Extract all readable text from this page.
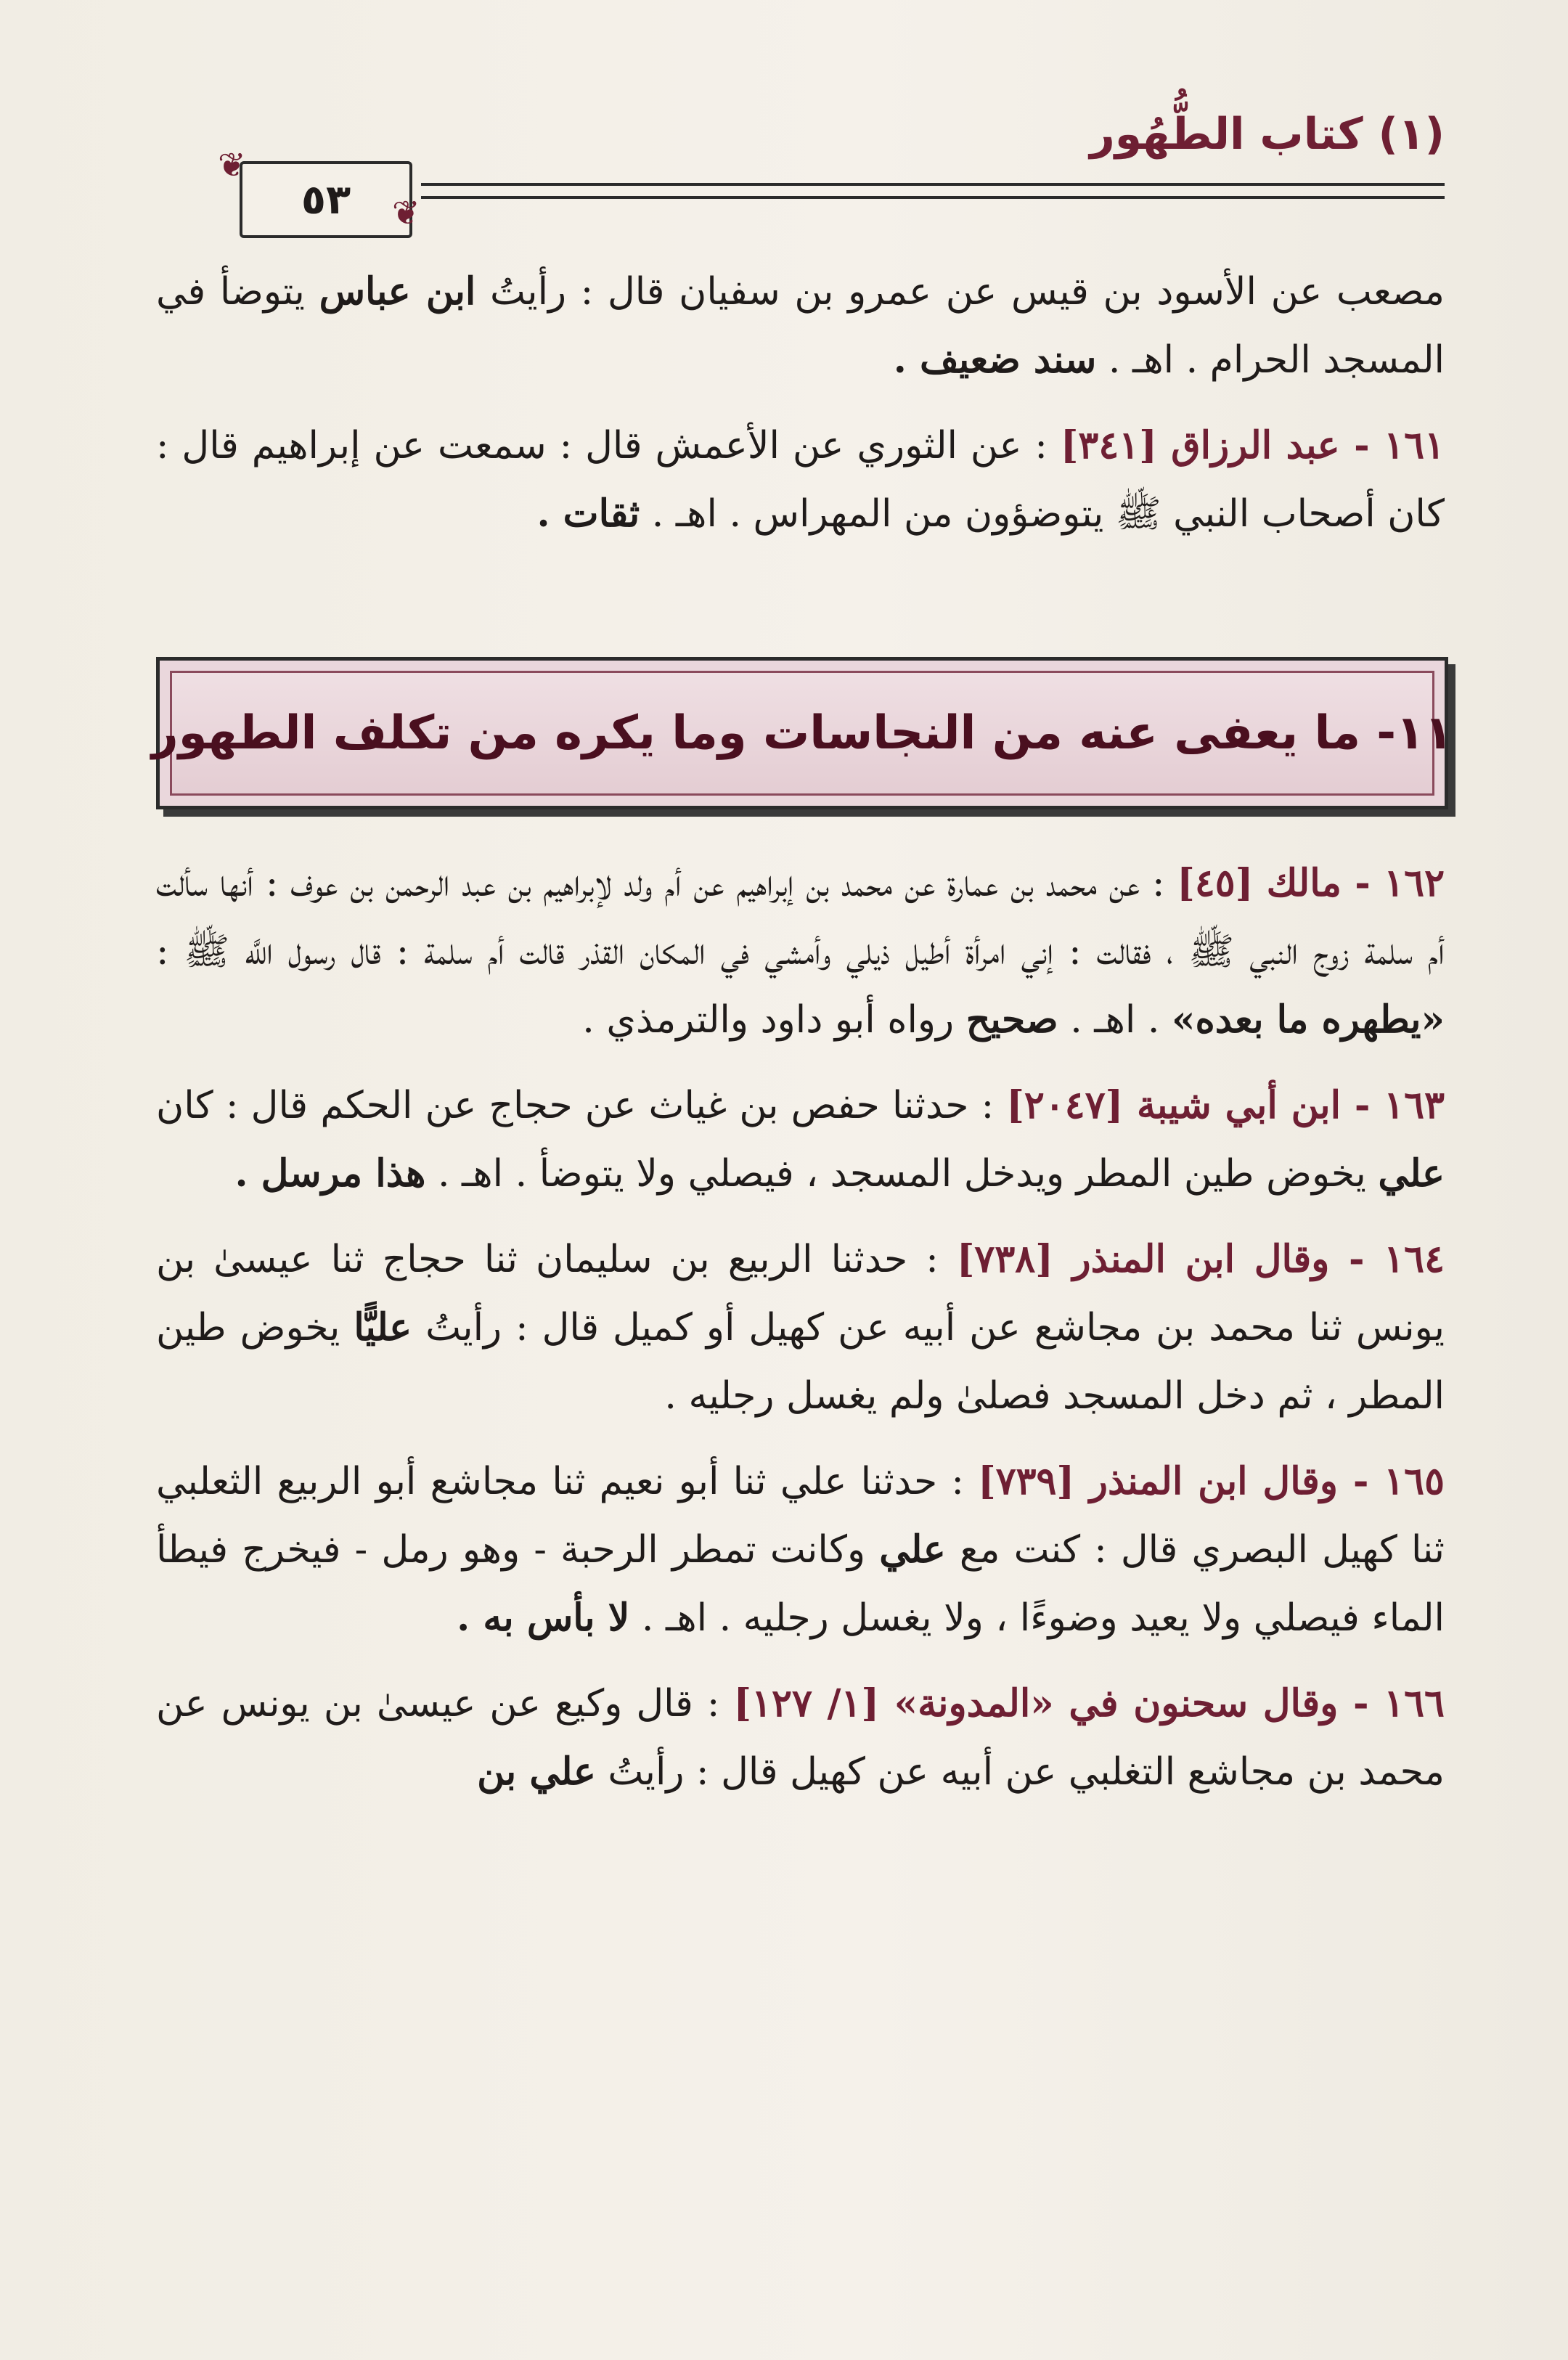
(١) كتاب الطُّهُور
٥٣
❦
❦

مصعب عن الأسود بن قيس عن عمرو بن سفيان قال : رأيتُ ابن عباس يتوضأ في المسجد الحرام . اهـ . سند ضعيف .

١٦١ - عبد الرزاق [٣٤١] : عن الثوري عن الأعمش قال : سمعت عن إبراهيم قال : كان أصحاب النبي ﷺ يتوضؤون من المهراس . اهـ . ثقات .

١١- ما يعفى عنه من النجاسات وما يكره من تكلف الطهور

١٦٢ - مالك [٤٥] : عن محمد بن عمارة عن محمد بن إبراهيم عن أم ولد لإبراهيم بن عبد الرحمن بن عوف : أنها سألت أم سلمة زوج النبي ﷺ ، فقالت : إني امرأة أطيل ذيلي وأمشي في المكان القذر قالت أم سلمة : قال رسول اللَّه ﷺ : «يطهره ما بعده» . اهـ . صحيح رواه أبو داود والترمذي .

١٦٣ - ابن أبي شيبة [٢٠٤٧] : حدثنا حفص بن غياث عن حجاج عن الحكم قال : كان علي يخوض طين المطر ويدخل المسجد ، فيصلي ولا يتوضأ . اهـ . هذا مرسل .

١٦٤ - وقال ابن المنذر [٧٣٨] : حدثنا الربيع بن سليمان ثنا حجاج ثنا عيسىٰ بن يونس ثنا محمد بن مجاشع عن أبيه عن كهيل أو كميل قال : رأيتُ عليًّا يخوض طين المطر ، ثم دخل المسجد فصلىٰ ولم يغسل رجليه .

١٦٥ - وقال ابن المنذر [٧٣٩] : حدثنا علي ثنا أبو نعيم ثنا مجاشع أبو الربيع الثعلبي ثنا كهيل البصري قال : كنت مع علي وكانت تمطر الرحبة - وهو رمل - فيخرج فيطأ الماء فيصلي ولا يعيد وضوءًا ، ولا يغسل رجليه . اهـ . لا بأس به .

١٦٦ - وقال سحنون في «المدونة» [١/ ١٢٧] : قال وكيع عن عيسىٰ بن يونس عن محمد بن مجاشع التغلبي عن أبيه عن كهيل قال : رأيتُ علي بن
